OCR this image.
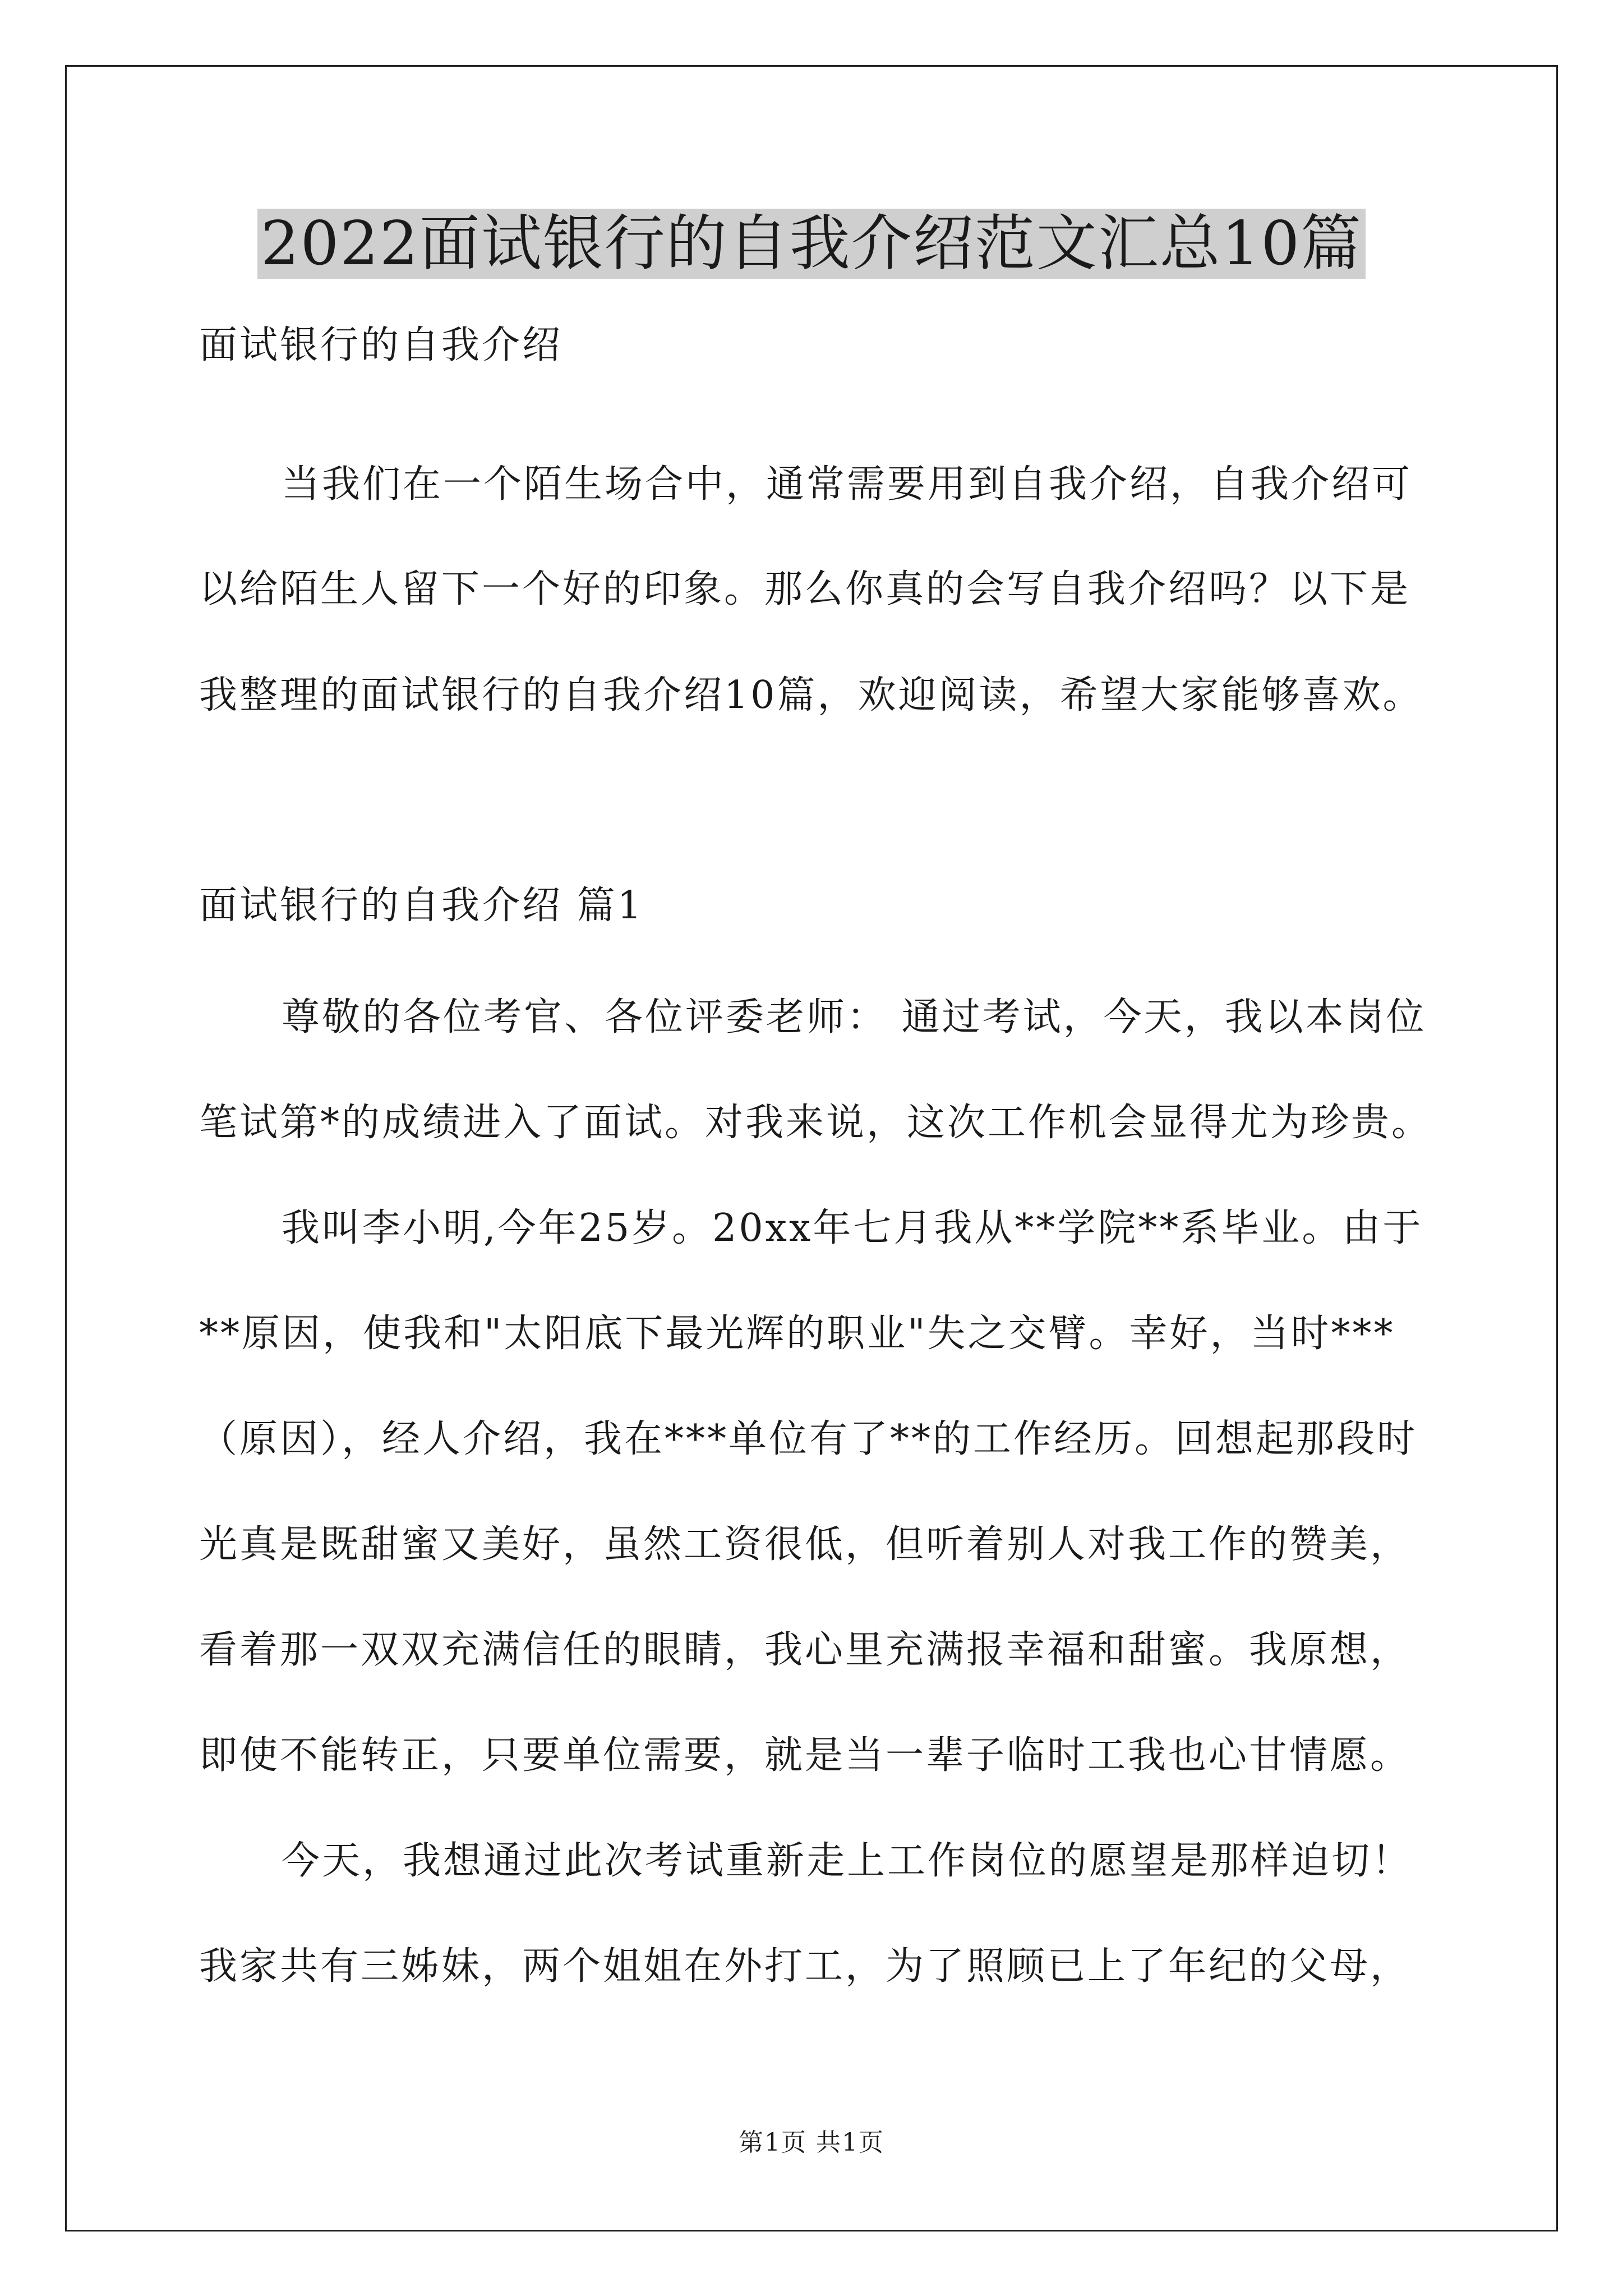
2022面试银行的自我介绍范文汇总10篇
面试银行的自我介绍
当我们在一个陌生场合中，通常需要用到自我介绍，自我介绍可
以给陌生人留下一个好的印象。那么你真的会写自我介绍吗？以下是
我整理的面试银行的自我介绍10篇，欢迎阅读，希望大家能够喜欢。
面试银行的自我介绍 篇1
尊敬的各位考官、各位评委老师： 通过考试，今天，我以本岗位
笔试第*的成绩进入了面试。对我来说，这次工作机会显得尤为珍贵。
我叫李小明,今年25岁。20xx年七月我从**学院**系毕业。由于
**原因，使我和"太阳底下最光辉的职业"失之交臂。幸好，当时***
（原因），经人介绍，我在***单位有了**的工作经历。回想起那段时
光真是既甜蜜又美好，虽然工资很低，但听着别人对我工作的赞美，
看着那一双双充满信任的眼睛，我心里充满报幸福和甜蜜。我原想，
即使不能转正，只要单位需要，就是当一辈子临时工我也心甘情愿。
今天，我想通过此次考试重新走上工作岗位的愿望是那样迫切！
我家共有三姊妹，两个姐姐在外打工，为了照顾已上了年纪的父母，
第1页 共1页
